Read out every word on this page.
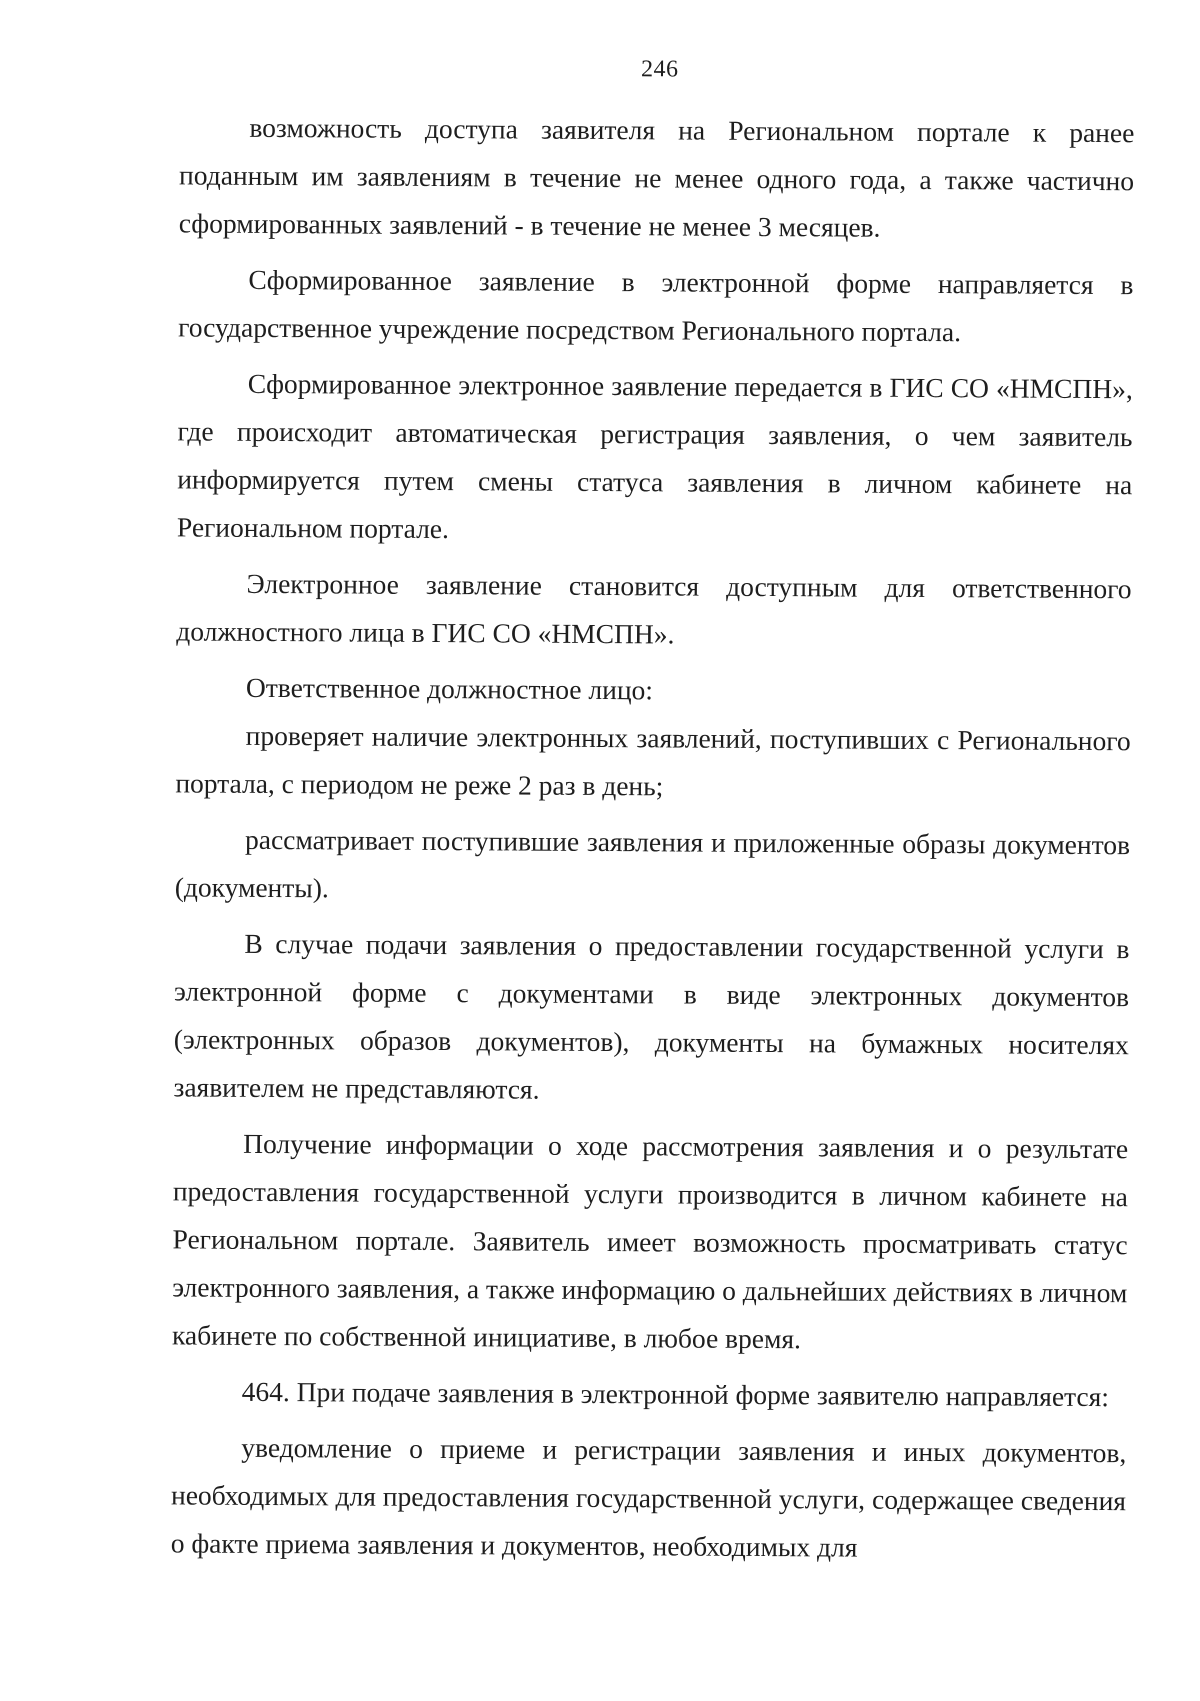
246

возможность доступа заявителя на Региональном портале к ранее поданным им заявлениям в течение не менее одного года, а также частично сформированных заявлений - в течение не менее 3 месяцев.

Сформированное заявление в электронной форме направляется в государственное учреждение посредством Регионального портала.

Сформированное электронное заявление передается в ГИС СО «НМСПН», где происходит автоматическая регистрация заявления, о чем заявитель информируется путем смены статуса заявления в личном кабинете на Региональном портале.

Электронное заявление становится доступным для ответственного должностного лица в ГИС СО «НМСПН».

Ответственное должностное лицо:

проверяет наличие электронных заявлений, поступивших с Регионального портала, с периодом не реже 2 раз в день;

рассматривает поступившие заявления и приложенные образы документов (документы).

В случае подачи заявления о предоставлении государственной услуги в электронной форме с документами в виде электронных документов (электронных образов документов), документы на бумажных носителях заявителем не представляются.

Получение информации о ходе рассмотрения заявления и о результате предоставления государственной услуги производится в личном кабинете на Региональном портале. Заявитель имеет возможность просматривать статус электронного заявления, а также информацию о дальнейших действиях в личном кабинете по собственной инициативе, в любое время.

464. При подаче заявления в электронной форме заявителю направляется:

уведомление о приеме и регистрации заявления и иных документов, необходимых для предоставления государственной услуги, содержащее сведения о факте приема заявления и документов, необходимых для
